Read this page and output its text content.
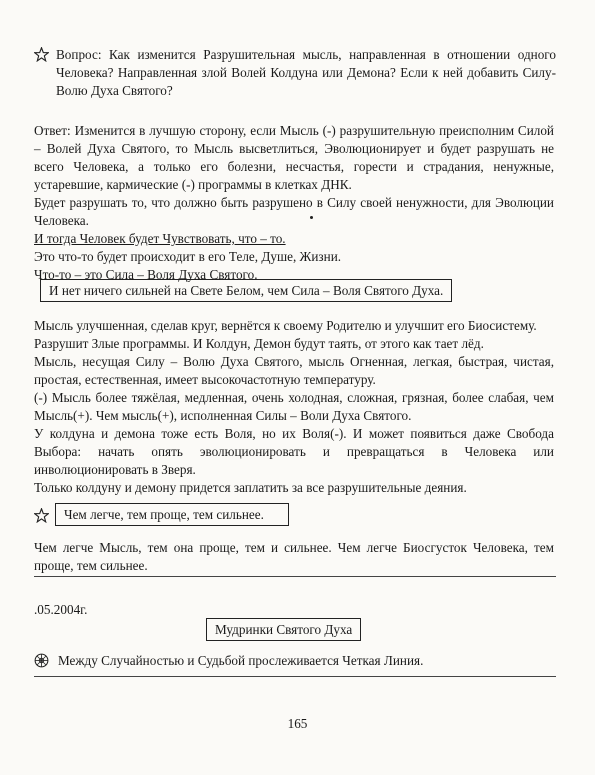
Вопрос: Как изменится Разрушительная мысль, направленная в отношении одного Человека? Направленная злой Волей Колдуна или Демона? Если к ней добавить Силу-Волю Духа Святого?

Ответ: Изменится в лучшую сторону, если Мысль (-) разрушительную преисполним Силой – Волей Духа Святого, то Мысль высветлиться, Эволюционирует и будет разрушать не всего Человека, а только его болезни, несчастья, горести и страдания, ненужные, устаревшие, кармические (-) программы в клетках ДНК.

Будет разрушать то, что должно быть разрушено в Силу своей ненужности, для Эволюции Человека.

И тогда Человек будет Чувствовать, что – то.

Это что-то будет происходит в его Теле, Душе, Жизни.

Что-то – это Сила – Воля Духа Святого.

И нет ничего сильней на Свете Белом, чем Сила – Воля Святого Духа.

Мысль улучшенная, сделав круг, вернётся к своему Родителю и улучшит его Биосистему.

Разрушит Злые программы. И Колдун, Демон будут таять, от этого как тает лёд.

Мысль, несущая Силу – Волю Духа Святого, мысль Огненная, легкая, быстрая, чистая, простая, естественная, имеет высокочастотную температуру.

(-) Мысль более тяжёлая, медленная, очень холодная, сложная, грязная, более слабая, чем Мысль(+). Чем мысль(+), исполненная Силы – Воли Духа Святого.

У колдуна и демона тоже есть Воля, но их Воля(-). И может появиться даже Свобода Выбора: начать опять эволюционировать и превращаться в Человека или инволюционировать в Зверя.

Только колдуну и демону придется заплатить за все разрушительные деяния.

Чем легче, тем проще, тем сильнее.
Чем легче Мысль, тем она проще, тем и сильнее. Чем легче Биосгусток Человека, тем проще, тем сильнее.
.05.2004г.
Мудринки Святого Духа

Между Случайностью и Судьбой прослеживается Четкая Линия.

165
